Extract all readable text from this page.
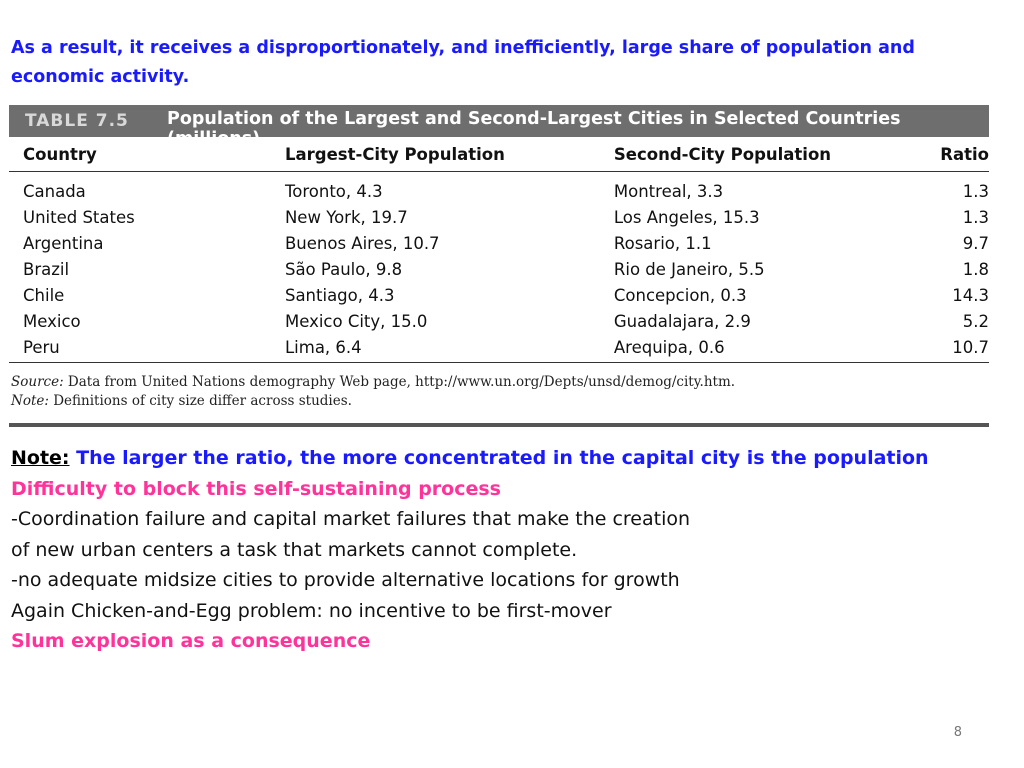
As a result, it receives a disproportionately, and inefficiently, large share of population and economic activity.
TABLE 7.5 Population of the Largest and Second-Largest Cities in Selected Countries (millions)
Country	Largest-City Population	Second-City Population	Ratio
Canada	Toronto, 4.3	Montreal, 3.3	1.3
United States	New York, 19.7	Los Angeles, 15.3	1.3
Argentina	Buenos Aires, 10.7	Rosario, 1.1	9.7
Brazil	São Paulo, 9.8	Rio de Janeiro, 5.5	1.8
Chile	Santiago, 4.3	Concepcion, 0.3	14.3
Mexico	Mexico City, 15.0	Guadalajara, 2.9	5.2
Peru	Lima, 6.4	Arequipa, 0.6	10.7
Source: Data from United Nations demography Web page, http://www.un.org/Depts/unsd/demog/city.htm.
Note: Definitions of city size differ across studies.
Note: The larger the ratio, the more concentrated in the capital city is the population
Difficulty to block this self-sustaining process
-Coordination failure and capital market failures that make the creation
of new urban centers a task that markets cannot complete.
-no adequate midsize cities to provide alternative locations for growth
Again Chicken-and-Egg problem: no incentive to be first-mover
Slum explosion as a consequence
8
